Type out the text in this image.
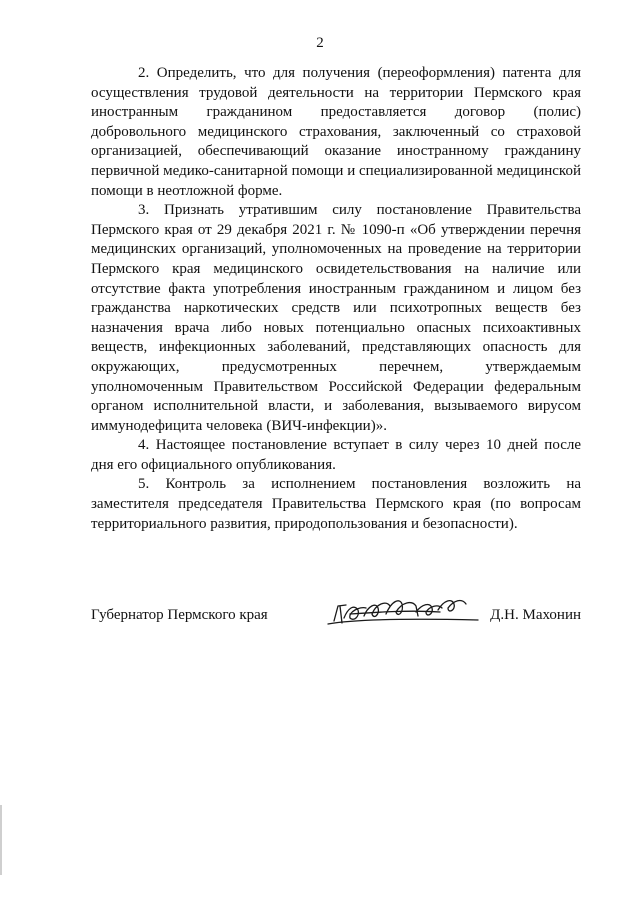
2

2. Определить, что для получения (переоформления) патента для осуществления трудовой деятельности на территории Пермского края иностранным гражданином предоставляется договор (полис) добровольного медицинского страхования, заключенный со страховой организацией, обеспечивающий оказание иностранному гражданину первичной медико-санитарной помощи и специализированной медицинской помощи в неотложной форме.

3. Признать утратившим силу постановление Правительства Пермского края от 29 декабря 2021 г. № 1090-п «Об утверждении перечня медицинских организаций, уполномоченных на проведение на территории Пермского края медицинского освидетельствования на наличие или отсутствие факта употребления иностранным гражданином и лицом без гражданства наркотических средств или психотропных веществ без назначения врача либо новых потенциально опасных психоактивных веществ, инфекционных заболеваний, представляющих опасность для окружающих, предусмотренных перечнем, утверждаемым уполномоченным Правительством Российской Федерации федеральным органом исполнительной власти, и заболевания, вызываемого вирусом иммунодефицита человека (ВИЧ-инфекции)».

4. Настоящее постановление вступает в силу через 10 дней после дня его официального опубликования.

5. Контроль за исполнением постановления возложить на заместителя председателя Правительства Пермского края (по вопросам территориального развития, природопользования и безопасности).

Губернатор Пермского края	Д.Н. Махонин
